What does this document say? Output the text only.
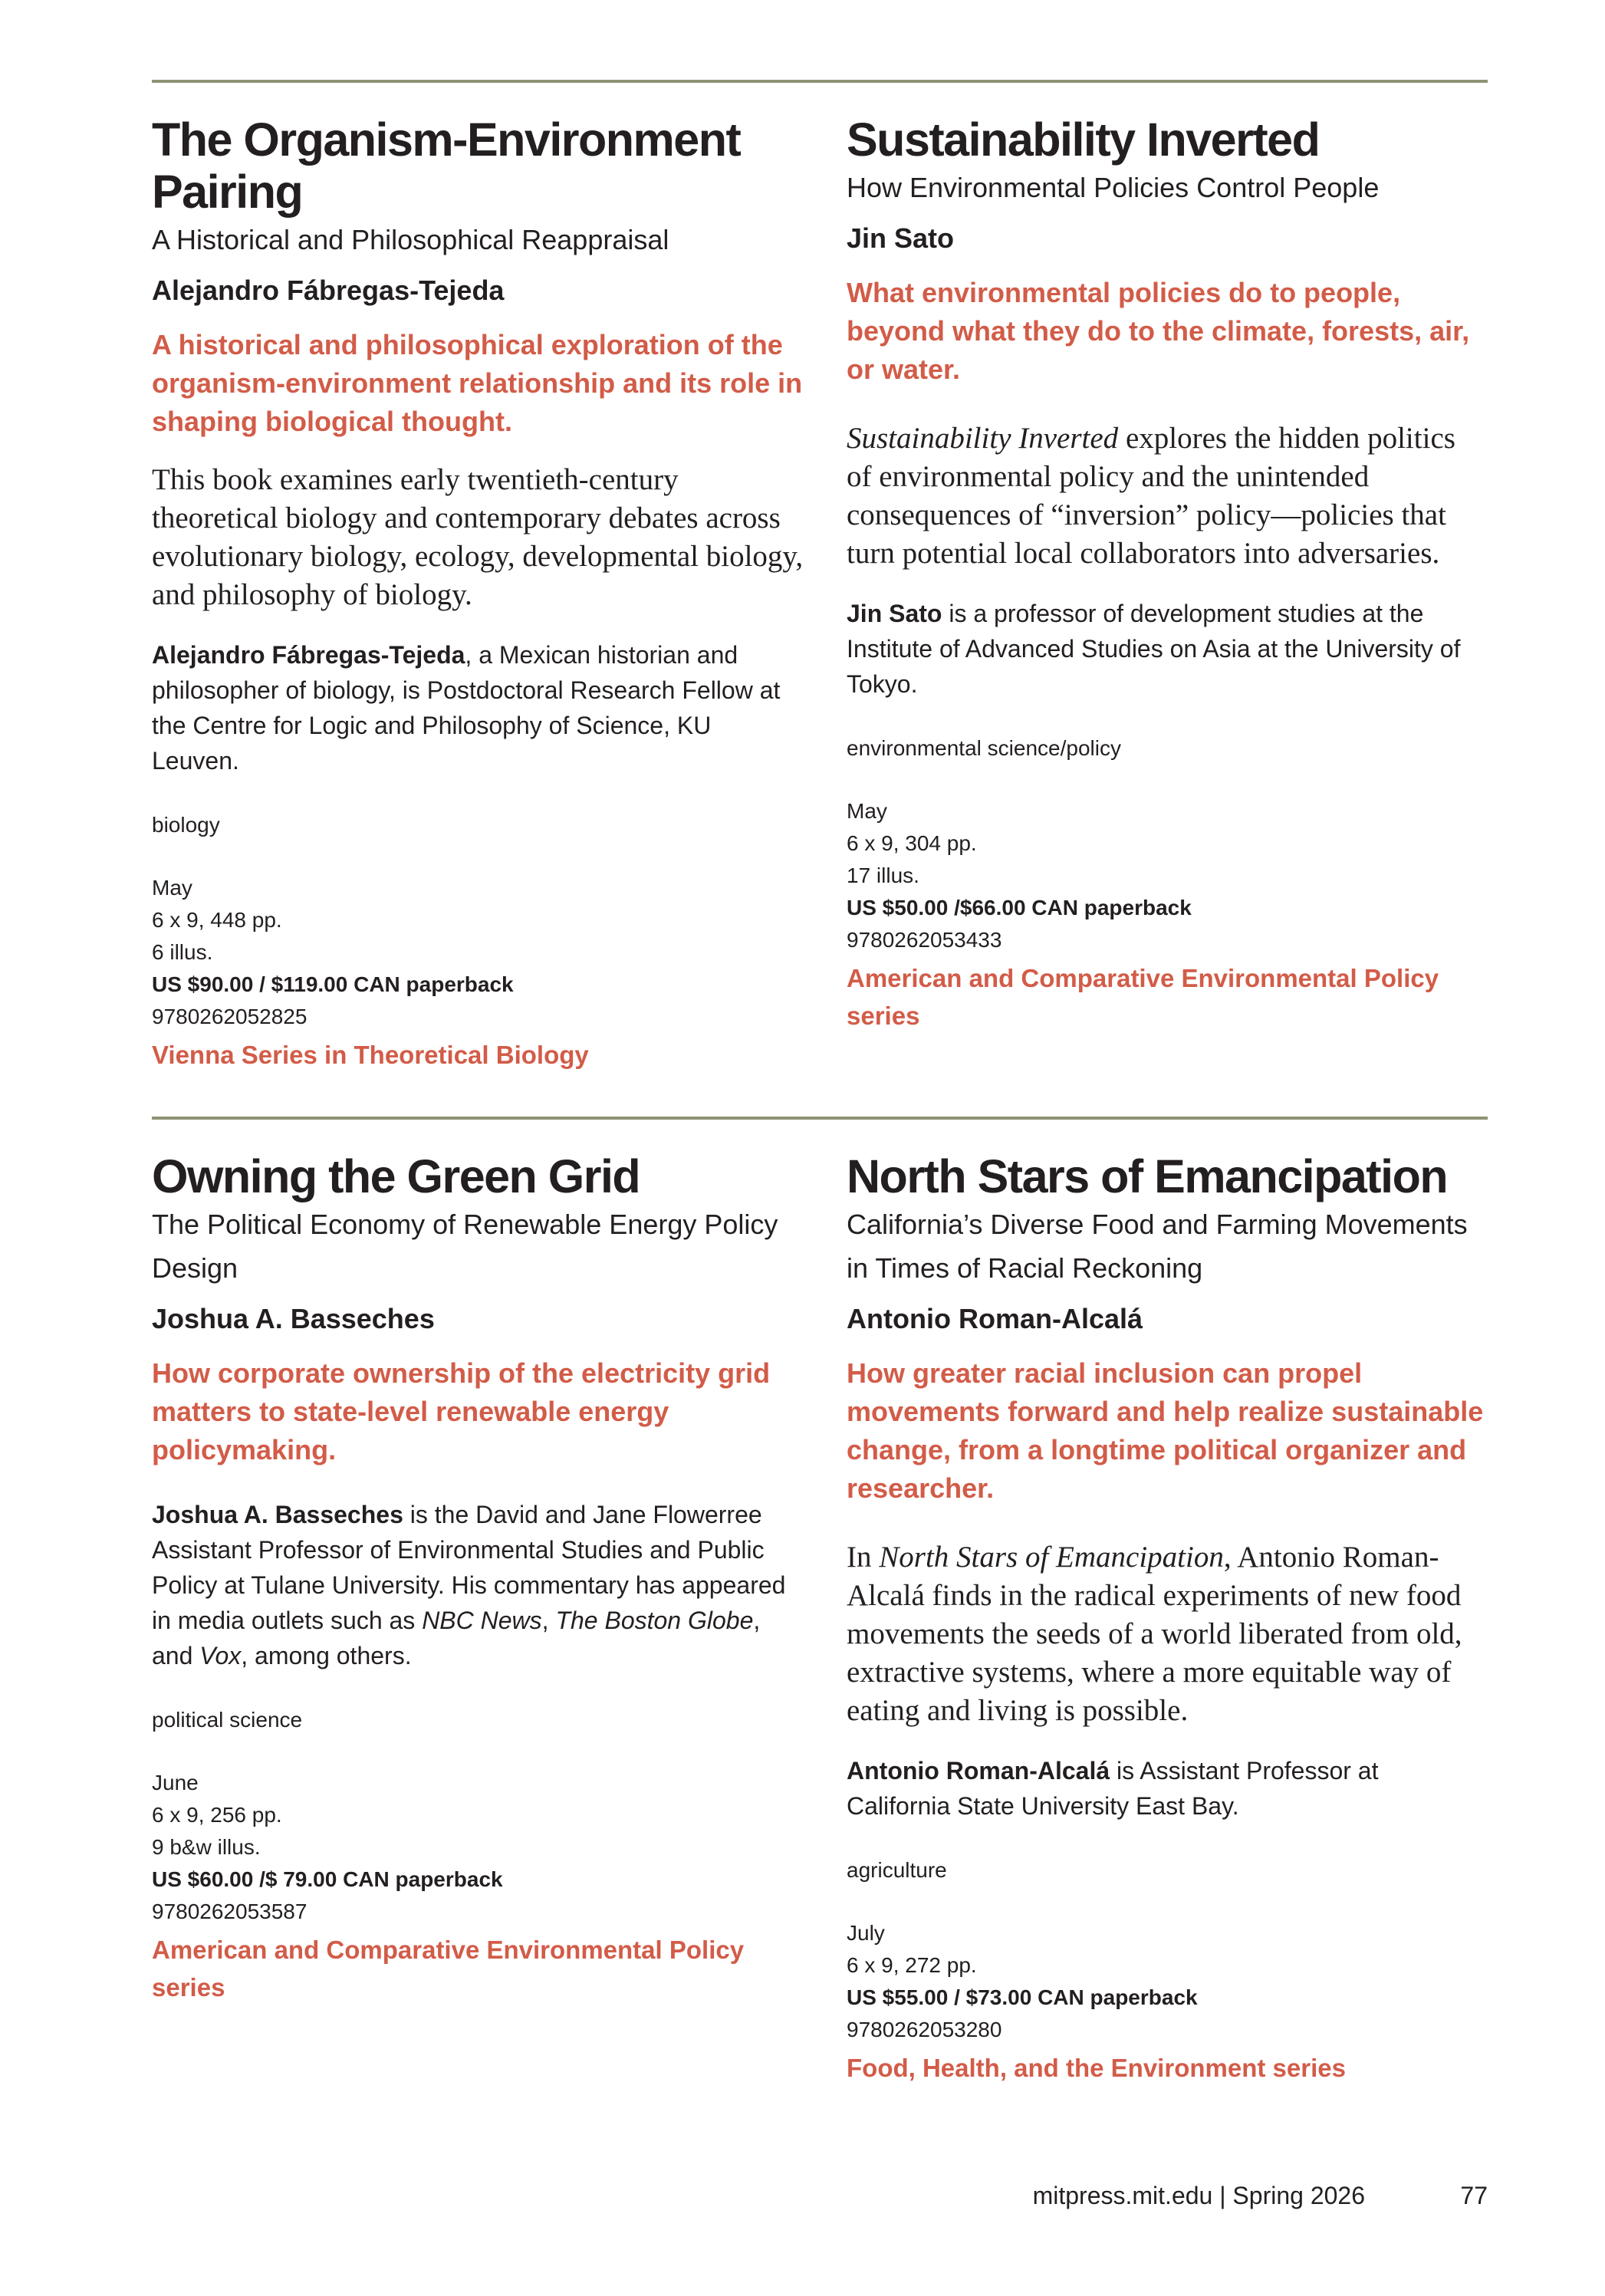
The Organism-Environment Pairing
A Historical and Philosophical Reappraisal
Alejandro Fábregas-Tejeda
A historical and philosophical exploration of the organism-environment relationship and its role in shaping biological thought.
This book examines early twentieth-century theoretical biology and contemporary debates across evolutionary biology, ecology, developmental biology, and philosophy of biology.
Alejandro Fábregas-Tejeda, a Mexican historian and philosopher of biology, is Postdoctoral Research Fellow at the Centre for Logic and Philosophy of Science, KU Leuven.
biology
May
6 x 9, 448 pp.
6 illus.
US $90.00 / $119.00 CAN paperback
9780262052825
Vienna Series in Theoretical Biology
Sustainability Inverted
How Environmental Policies Control People
Jin Sato
What environmental policies do to people, beyond what they do to the climate, forests, air, or water.
Sustainability Inverted explores the hidden politics of environmental policy and the unintended consequences of “inversion” policy—policies that turn potential local collaborators into adversaries.
Jin Sato is a professor of development studies at the Institute of Advanced Studies on Asia at the University of Tokyo.
environmental science/policy
May
6 x 9, 304 pp.
17 illus.
US $50.00 /$66.00 CAN paperback
9780262053433
American and Comparative Environmental Policy series
Owning the Green Grid
The Political Economy of Renewable Energy Policy Design
Joshua A. Basseches
How corporate ownership of the electricity grid matters to state-level renewable energy policymaking.
Joshua A. Basseches is the David and Jane Flowerree Assistant Professor of Environmental Studies and Public Policy at Tulane University. His commentary has appeared in media outlets such as NBC News, The Boston Globe, and Vox, among others.
political science
June
6 x 9, 256 pp.
9 b&w illus.
US $60.00 /$ 79.00 CAN paperback
9780262053587
American and Comparative Environmental Policy series
North Stars of Emancipation
California’s Diverse Food and Farming Movements in Times of Racial Reckoning
Antonio Roman-Alcalá
How greater racial inclusion can propel movements forward and help realize sustainable change, from a longtime political organizer and researcher.
In North Stars of Emancipation, Antonio Roman-Alcalá finds in the radical experiments of new food movements the seeds of a world liberated from old, extractive systems, where a more equitable way of eating and living is possible.
Antonio Roman-Alcalá is Assistant Professor at California State University East Bay.
agriculture
July
6 x 9, 272 pp.
US $55.00 / $73.00 CAN paperback
9780262053280
Food, Health, and the Environment series
mitpress.mit.edu | Spring 2026	77
